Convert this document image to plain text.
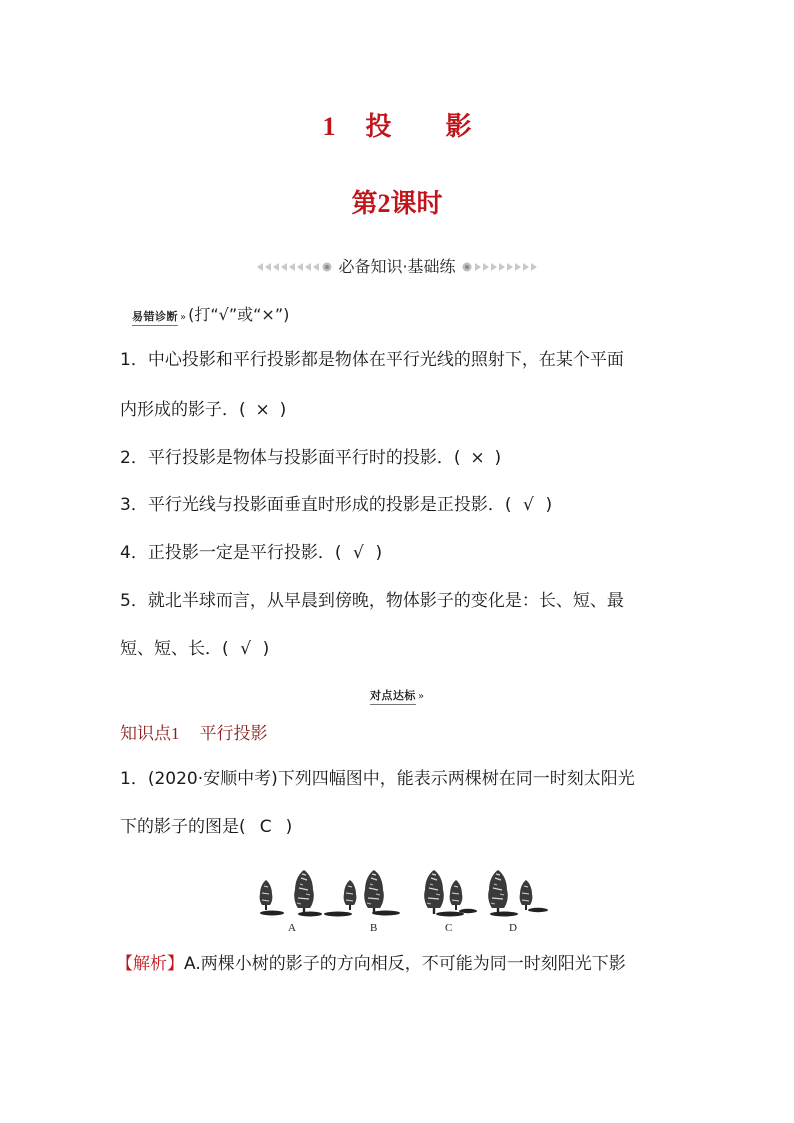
1 投 影
第2课时
必备知识·基础练
易错诊断 » (打“√”或“×”)
1．中心投影和平行投影都是物体在平行光线的照射下，在某个平面
内形成的影子．( × )
2．平行投影是物体与投影面平行时的投影．( × )
3．平行光线与投影面垂直时形成的投影是正投影．( √ )
4．正投影一定是平行投影．( √ )
5．就北半球而言，从早晨到傍晚，物体影子的变化是：长、短、最
短、短、长．( √ )
对点达标 »
知识点1 平行投影
1．(2020·安顺中考)下列四幅图中，能表示两棵树在同一时刻太阳光
下的影子的图是( C )
A	B	C	D
【解析】A.两棵小树的影子的方向相反，不可能为同一时刻阳光下影
